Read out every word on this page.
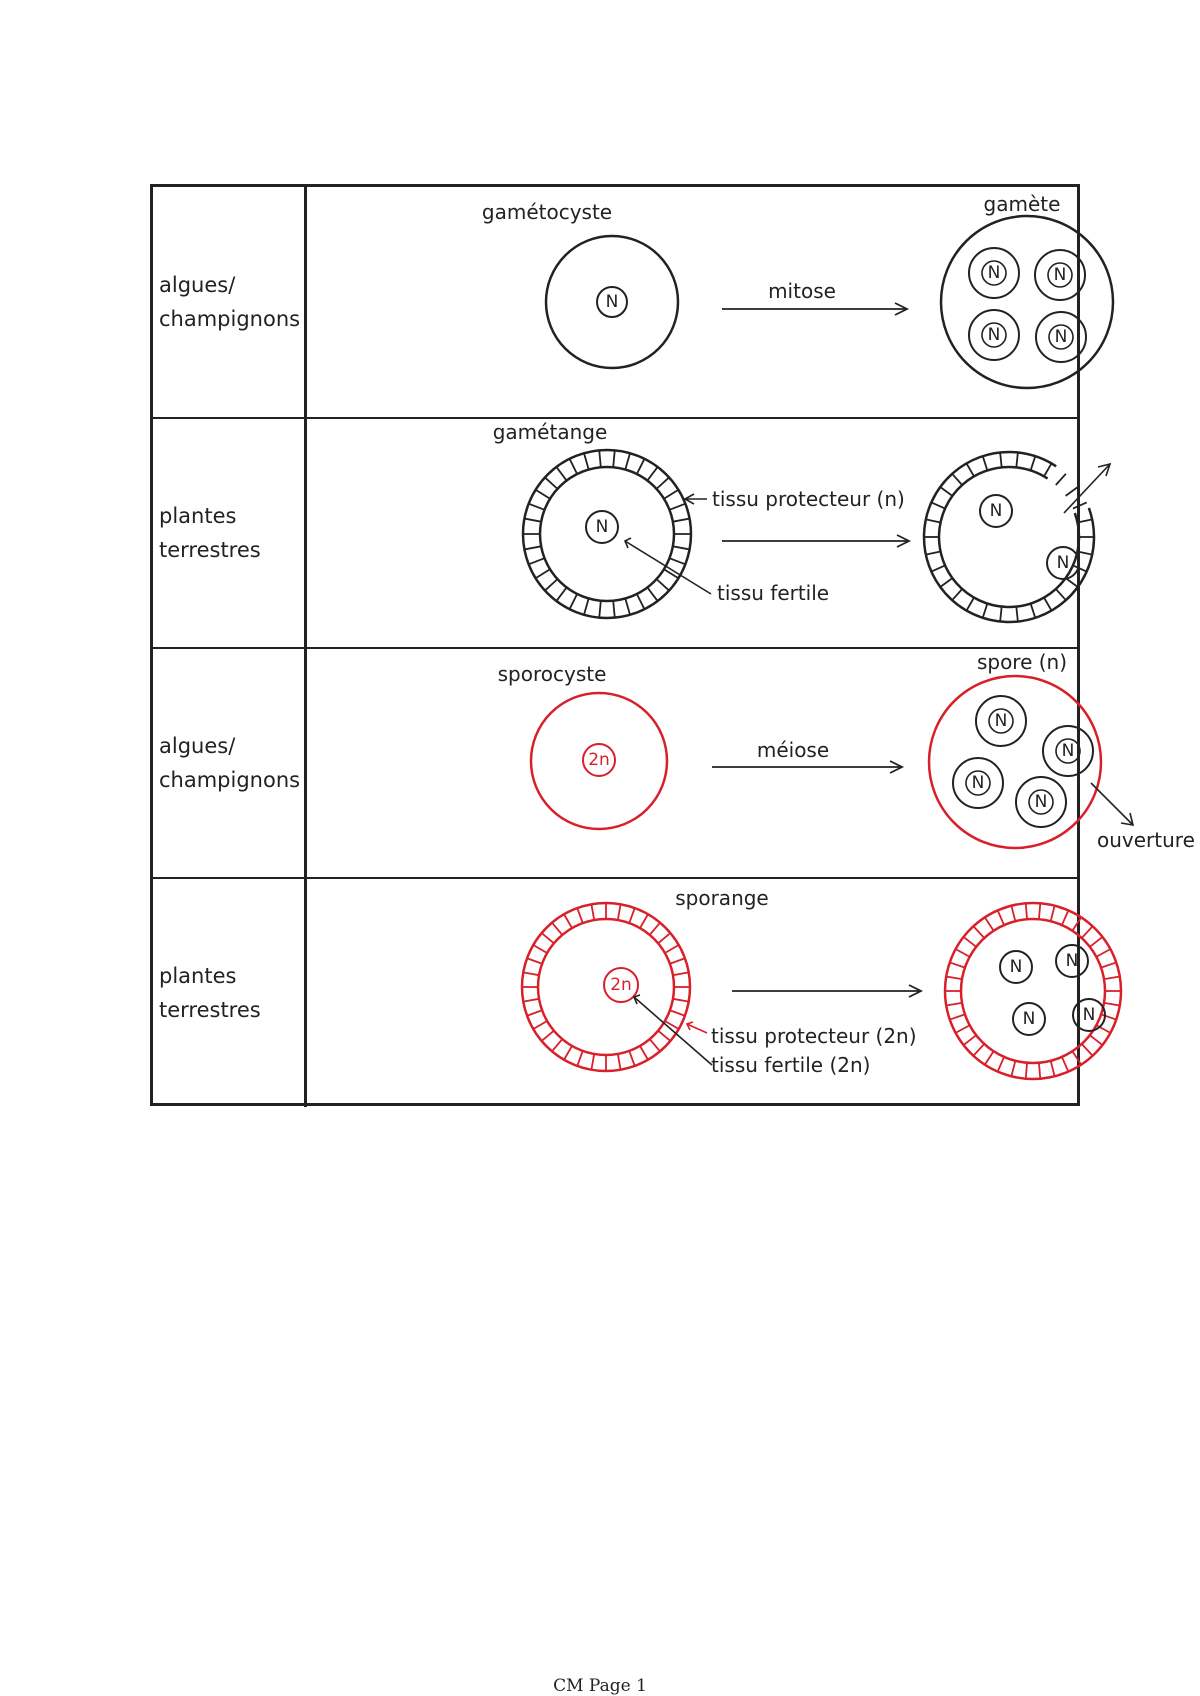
algues/
champignons
gamétocyste
N	mitose
gamète
N	N
N	N
plantes
terrestres
gamétange
N
tissu protecteur (n)
tissu fertile
N
N
algues/
champignons
sporocyste
2n	méiose
spore (n)
N
N
N
N
ouverture
plantes
terrestres
sporange
2n
tissu protecteur (2n)
tissu fertile (2n)
N	N
N	N
CM Page 1
